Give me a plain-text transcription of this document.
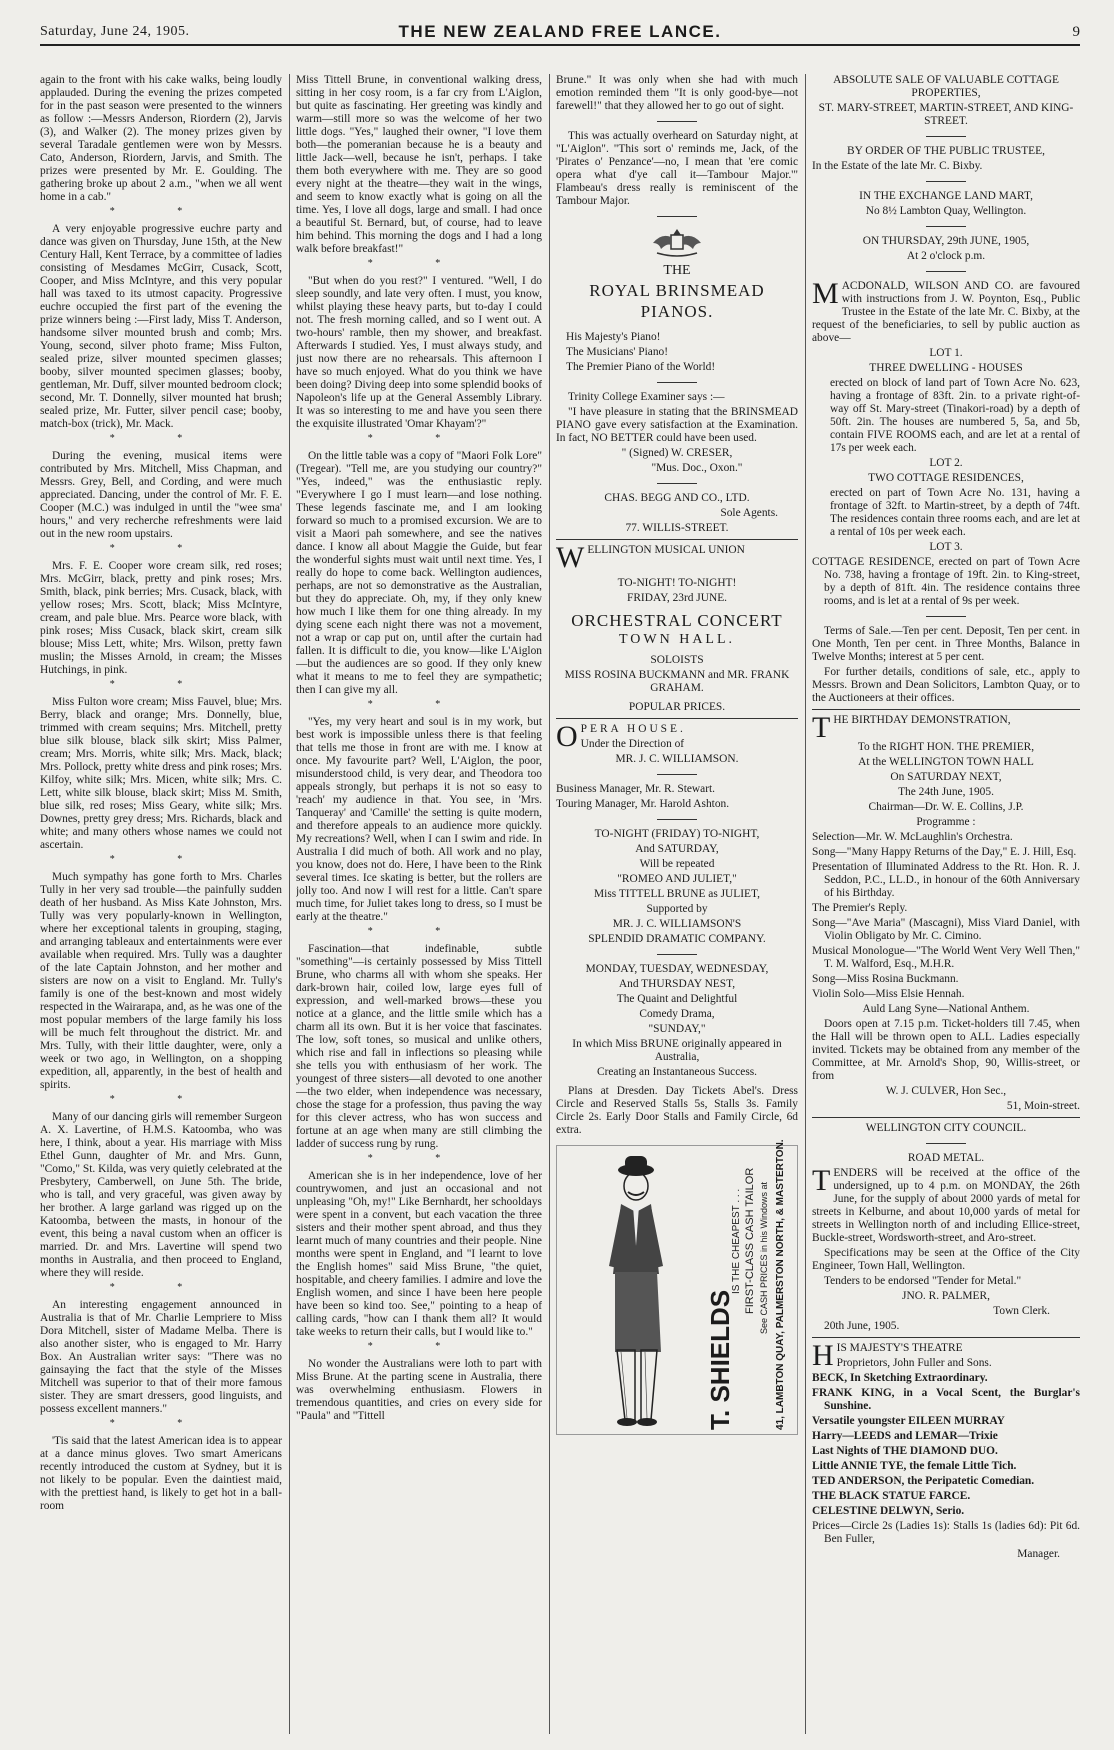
Saturday, June 24, 1905.	THE NEW ZEALAND FREE LANCE.	9

again to the front with his cake walks, being loudly applauded. During the evening the prizes competed for in the past season were presented to the winners as follow :—Messrs Anderson, Riordern (2), Jarvis (3), and Walker (2). The money prizes given by several Taradale gentlemen were won by Messrs. Cato, Anderson, Riordern, Jarvis, and Smith. The prizes were presented by Mr. E. Goulding. The gathering broke up about 2 a.m., "when we all went home in a cab."

* *

A very enjoyable progressive euchre party and dance was given on Thursday, June 15th, at the New Century Hall, Kent Terrace, by a committee of ladies consisting of Mesdames McGirr, Cusack, Scott, Cooper, and Miss McIntyre, and this very popular hall was taxed to its utmost capacity. Progressive euchre occupied the first part of the evening the prize winners being :—First lady, Miss T. Anderson, handsome silver mounted brush and comb; Mrs. Young, second, silver photo frame; Miss Fulton, sealed prize, silver mounted specimen glasses; booby, silver mounted specimen glasses; booby, gentleman, Mr. Duff, silver mounted bedroom clock; second, Mr. T. Donnelly, silver mounted hat brush; sealed prize, Mr. Futter, silver pencil case; booby, match-box (trick), Mr. Mack.

* *

During the evening, musical items were contributed by Mrs. Mitchell, Miss Chapman, and Messrs. Grey, Bell, and Cording, and were much appreciated. Dancing, under the control of Mr. F. E. Cooper (M.C.) was indulged in until the "wee sma' hours," and very recherche refreshments were laid out in the new room upstairs.

* *

Mrs. F. E. Cooper wore cream silk, red roses; Mrs. McGirr, black, pretty and pink roses; Mrs. Smith, black, pink berries; Mrs. Cusack, black, with yellow roses; Mrs. Scott, black; Miss McIntyre, cream, and pale blue. Mrs. Pearce wore black, with pink roses; Miss Cusack, black skirt, cream silk blouse; Miss Lett, white; Mrs. Wilson, pretty fawn muslin; the Misses Arnold, in cream; the Misses Hutchings, in pink.

* *

Miss Fulton wore cream; Miss Fauvel, blue; Mrs. Berry, black and orange; Mrs. Donnelly, blue, trimmed with cream sequins; Mrs. Mitchell, pretty blue silk blouse, black silk skirt; Miss Palmer, cream; Mrs. Morris, white silk; Mrs. Mack, black; Mrs. Pollock, pretty white dress and pink roses; Mrs. Kilfoy, white silk; Mrs. Micen, white silk; Mrs. C. Lett, white silk blouse, black skirt; Miss M. Smith, blue silk, red roses; Miss Geary, white silk; Mrs. Downes, pretty grey dress; Mrs. Richards, black and white; and many others whose names we could not ascertain.

* *

Much sympathy has gone forth to Mrs. Charles Tully in her very sad trouble—the painfully sudden death of her husband. As Miss Kate Johnston, Mrs. Tully was very popularly-known in Wellington, where her exceptional talents in grouping, staging, and arranging tableaux and entertainments were ever available when required. Mrs. Tully was a daughter of the late Captain Johnston, and her mother and sisters are now on a visit to England. Mr. Tully's family is one of the best-known and most widely respected in the Wairarapa, and, as he was one of the most popular members of the large family his loss will be much felt throughout the district. Mr. and Mrs. Tully, with their little daughter, were, only a week or two ago, in Wellington, on a shopping expedition, all, apparently, in the best of health and spirits.

* *

Many of our dancing girls will remember Surgeon A. X. Lavertine, of H.M.S. Katoomba, who was here, I think, about a year. His marriage with Miss Ethel Gunn, daughter of Mr. and Mrs. Gunn, "Como," St. Kilda, was very quietly celebrated at the Presbytery, Camberwell, on June 5th. The bride, who is tall, and very graceful, was given away by her brother. A large garland was rigged up on the Katoomba, between the masts, in honour of the event, this being a naval custom when an officer is married. Dr. and Mrs. Lavertine will spend two months in Australia, and then proceed to England, where they will reside.

* *

An interesting engagement announced in Australia is that of Mr. Charlie Lempriere to Miss Dora Mitchell, sister of Madame Melba. There is also another sister, who is engaged to Mr. Harry Box. An Australian writer says: "There was no gainsaying the fact that the style of the Misses Mitchell was superior to that of their more famous sister. They are smart dressers, good linguists, and possess excellent manners."

* *

'Tis said that the latest American idea is to appear at a dance minus gloves. Two smart Americans recently introduced the custom at Sydney, but it is not likely to be popular. Even the daintiest maid, with the prettiest hand, is likely to get hot in a ball-room

Miss Tittell Brune, in conventional walking dress, sitting in her cosy room, is a far cry from L'Aiglon, but quite as fascinating. Her greeting was kindly and warm—still more so was the welcome of her two little dogs. "Yes," laughed their owner, "I love them both—the pomeranian because he is a beauty and little Jack—well, because he isn't, perhaps. I take them both everywhere with me. They are so good every night at the theatre—they wait in the wings, and seem to know exactly what is going on all the time. Yes, I love all dogs, large and small. I had once a beautiful St. Bernard, but, of course, had to leave him behind. This morning the dogs and I had a long walk before breakfast!"

* *

"But when do you rest?" I ventured. "Well, I do sleep soundly, and late very often. I must, you know, whilst playing these heavy parts, but to-day I could not. The fresh morning called, and so I went out. A two-hours' ramble, then my shower, and breakfast. Afterwards I studied. Yes, I must always study, and just now there are no rehearsals. This afternoon I have so much enjoyed. What do you think we have been doing? Diving deep into some splendid books of Napoleon's life up at the General Assembly Library. It was so interesting to me and have you seen there the exquisite illustrated 'Omar Khayam'?"

* *

On the little table was a copy of "Maori Folk Lore" (Tregear). "Tell me, are you studying our country?" "Yes, indeed," was the enthusiastic reply. "Everywhere I go I must learn—and lose nothing. These legends fascinate me, and I am looking forward so much to a promised excursion. We are to visit a Maori pah somewhere, and see the natives dance. I know all about Maggie the Guide, but fear the wonderful sights must wait until next time. Yes, I really do hope to come back. Wellington audiences, perhaps, are not so demonstrative as the Australian, but they do appreciate. Oh, my, if they only knew how much I like them for one thing already. In my dying scene each night there was not a movement, not a wrap or cap put on, until after the curtain had fallen. It is difficult to die, you know—like L'Aiglon—but the audiences are so good. If they only knew what it means to me to feel they are sympathetic; then I can give my all.

* *

"Yes, my very heart and soul is in my work, but best work is impossible unless there is that feeling that tells me those in front are with me. I know at once. My favourite part? Well, L'Aiglon, the poor, misunderstood child, is very dear, and Theodora too appeals strongly, but perhaps it is not so easy to 'reach' my audience in that. You see, in 'Mrs. Tanqueray' and 'Camille' the setting is quite modern, and therefore appeals to an audience more quickly. My recreations? Well, when I can I swim and ride. In Australia I did much of both. All work and no play, you know, does not do. Here, I have been to the Rink several times. Ice skating is better, but the rollers are jolly too. And now I will rest for a little. Can't spare much time, for Juliet takes long to dress, so I must be early at the theatre."

* *

Fascination—that indefinable, subtle "something"—is certainly possessed by Miss Tittell Brune, who charms all with whom she speaks. Her dark-brown hair, coiled low, large eyes full of expression, and well-marked brows—these you notice at a glance, and the little smile which has a charm all its own. But it is her voice that fascinates. The low, soft tones, so musical and unlike others, which rise and fall in inflections so pleasing while she tells you with enthusiasm of her work. The youngest of three sisters—all devoted to one another—the two elder, when independence was necessary, chose the stage for a profession, thus paving the way for this clever actress, who has won success and fortune at an age when many are still climbing the ladder of success rung by rung.

* *

American she is in her independence, love of her countrywomen, and just an occasional and not unpleasing "Oh, my!" Like Bernhardt, her schooldays were spent in a convent, but each vacation the three sisters and their mother spent abroad, and thus they learnt much of many countries and their people. Nine months were spent in England, and "I learnt to love the English homes" said Miss Brune, "the quiet, hospitable, and cheery families. I admire and love the English women, and since I have been here people have been so kind too. See," pointing to a heap of calling cards, "how can I thank them all? It would take weeks to return their calls, but I would like to."

* *

No wonder the Australians were loth to part with Miss Brune. At the parting scene in Australia, there was overwhelming enthusiasm. Flowers in tremendous quantities, and cries on every side for "Paula" and "Tittell

Brune." It was only when she had with much emotion reminded them "It is only good-bye—not farewell!" that they allowed her to go out of sight.

This was actually overheard on Saturday night, at "L'Aiglon". "This sort o' reminds me, Jack, of the 'Pirates o' Penzance'—no, I mean that 'ere comic opera what d'ye call it—Tambour Major.'" Flambeau's dress really is reminiscent of the Tambour Major.

THE

ROYAL BRINSMEAD

PIANOS.

His Majesty's Piano!

The Musicians' Piano!

The Premier Piano of the World!

Trinity College Examiner says :—

"I have pleasure in stating that the BRINSMEAD PIANO gave every satisfaction at the Examination. In fact, NO BETTER could have been used.

" (Signed) W. CRESER,

"Mus. Doc., Oxon."

CHAS. BEGG AND CO., LTD.

Sole Agents.

77. WILLIS-STREET.

WELLINGTON MUSICAL UNION

TO-NIGHT! TO-NIGHT!

FRIDAY, 23rd JUNE.

ORCHESTRAL CONCERT

TOWN HALL.

SOLOISTS

MISS ROSINA BUCKMANN and MR. FRANK GRAHAM.

POPULAR PRICES.

OPERA HOUSE.

Under the Direction of

MR. J. C. WILLIAMSON.

Business Manager, Mr. R. Stewart.

Touring Manager, Mr. Harold Ashton.

TO-NIGHT (FRIDAY) TO-NIGHT,

And SATURDAY,

Will be repeated

"ROMEO AND JULIET,"

Miss TITTELL BRUNE as JULIET,

Supported by

MR. J. C. WILLIAMSON'S

SPLENDID DRAMATIC COMPANY.

MONDAY, TUESDAY, WEDNESDAY,

And THURSDAY NEST,

The Quaint and Delightful

Comedy Drama,

"SUNDAY,"

In which Miss BRUNE originally appeared in Australia,

Creating an Instantaneous Success.

Plans at Dresden. Day Tickets Abel's. Dress Circle and Reserved Stalls 5s, Stalls 3s. Family Circle 2s. Early Door Stalls and Family Circle, 6d extra.

T. SHIELDS
IS THE CHEAPEST . . . FIRST-CLASS CASH TAILOR See CASH PRICES in his Windows at 41, LAMBTON QUAY, PALMERSTON NORTH, & MASTERTON.

ABSOLUTE SALE OF VALUABLE COTTAGE PROPERTIES,

ST. MARY-STREET, MARTIN-STREET, AND KING-STREET.

BY ORDER OF THE PUBLIC TRUSTEE,

In the Estate of the late Mr. C. Bixby.

IN THE EXCHANGE LAND MART,

No 8½ Lambton Quay, Wellington.

ON THURSDAY, 29th JUNE, 1905,

At 2 o'clock p.m.

MACDONALD, WILSON AND CO. are favoured with instructions from J. W. Poynton, Esq., Public Trustee in the Estate of the late Mr. C. Bixby, at the request of the beneficiaries, to sell by public auction as above—

LOT 1.

THREE DWELLING - HOUSES

erected on block of land part of Town Acre No. 623, having a frontage of 83ft. 2in. to a private right-of-way off St. Mary-street (Tinakori-road) by a depth of 50ft. 2in. The houses are numbered 5, 5a, and 5b, contain FIVE ROOMS each, and are let at a rental of 17s per week each.

LOT 2.

TWO COTTAGE RESIDENCES,

erected on part of Town Acre No. 131, having a frontage of 32ft. to Martin-street, by a depth of 74ft. The residences contain three rooms each, and are let at a rental of 10s per week each.

LOT 3.

COTTAGE RESIDENCE, erected on part of Town Acre No. 738, having a frontage of 19ft. 2in. to King-street, by a depth of 81ft. 4in. The residence contains three rooms, and is let at a rental of 9s per week.

Terms of Sale.—Ten per cent. Deposit, Ten per cent. in One Month, Ten per cent. in Three Months, Balance in Twelve Months; interest at 5 per cent.

For further details, conditions of sale, etc., apply to Messrs. Brown and Dean Solicitors, Lambton Quay, or to the Auctioneers at their offices.

THE BIRTHDAY DEMONSTRATION,

To the RIGHT HON. THE PREMIER,

At the WELLINGTON TOWN HALL

On SATURDAY NEXT,

The 24th June, 1905.

Chairman—Dr. W. E. Collins, J.P.

Programme :

Selection—Mr. W. McLaughlin's Orchestra.

Song—"Many Happy Returns of the Day," E. J. Hill, Esq.

Presentation of Illuminated Address to the Rt. Hon. R. J. Seddon, P.C., LL.D., in honour of the 60th Anniversary of his Birthday.

The Premier's Reply.

Song—"Ave Maria" (Mascagni), Miss Viard Daniel, with Violin Obligato by Mr. C. Cimino.

Musical Monologue—"The World Went Very Well Then," T. M. Walford, Esq., M.H.R.

Song—Miss Rosina Buckmann.

Violin Solo—Miss Elsie Hennah.

Auld Lang Syne—National Anthem.

Doors open at 7.15 p.m. Ticket-holders till 7.45, when the Hall will be thrown open to ALL. Ladies especially invited. Tickets may be obtained from any member of the Committee, at Mr. Arnold's Shop, 90, Willis-street, or from

W. J. CULVER, Hon Sec.,

51, Moin-street.

WELLINGTON CITY COUNCIL.

ROAD METAL.

TENDERS will be received at the office of the undersigned, up to 4 p.m. on MONDAY, the 26th June, for the supply of about 2000 yards of metal for streets in Kelburne, and about 10,000 yards of metal for streets in Wellington north of and including Ellice-street, Buckle-street, Wordsworth-street, and Aro-street.

Specifications may be seen at the Office of the City Engineer, Town Hall, Wellington.

Tenders to be endorsed "Tender for Metal."

JNO. R. PALMER,

Town Clerk.

20th June, 1905.

HIS MAJESTY'S THEATRE

Proprietors, John Fuller and Sons.

BECK, In Sketching Extraordinary.

FRANK KING, in a Vocal Scent, the Burglar's Sunshine.

Versatile youngster EILEEN MURRAY

Harry—LEEDS and LEMAR—Trixie

Last Nights of THE DIAMOND DUO.

Little ANNIE TYE, the female Little Tich.

TED ANDERSON, the Peripatetic Comedian.

THE BLACK STATUE FARCE.

CELESTINE DELWYN, Serio.

Prices—Circle 2s (Ladies 1s): Stalls 1s (ladies 6d): Pit 6d. Ben Fuller,

Manager.
